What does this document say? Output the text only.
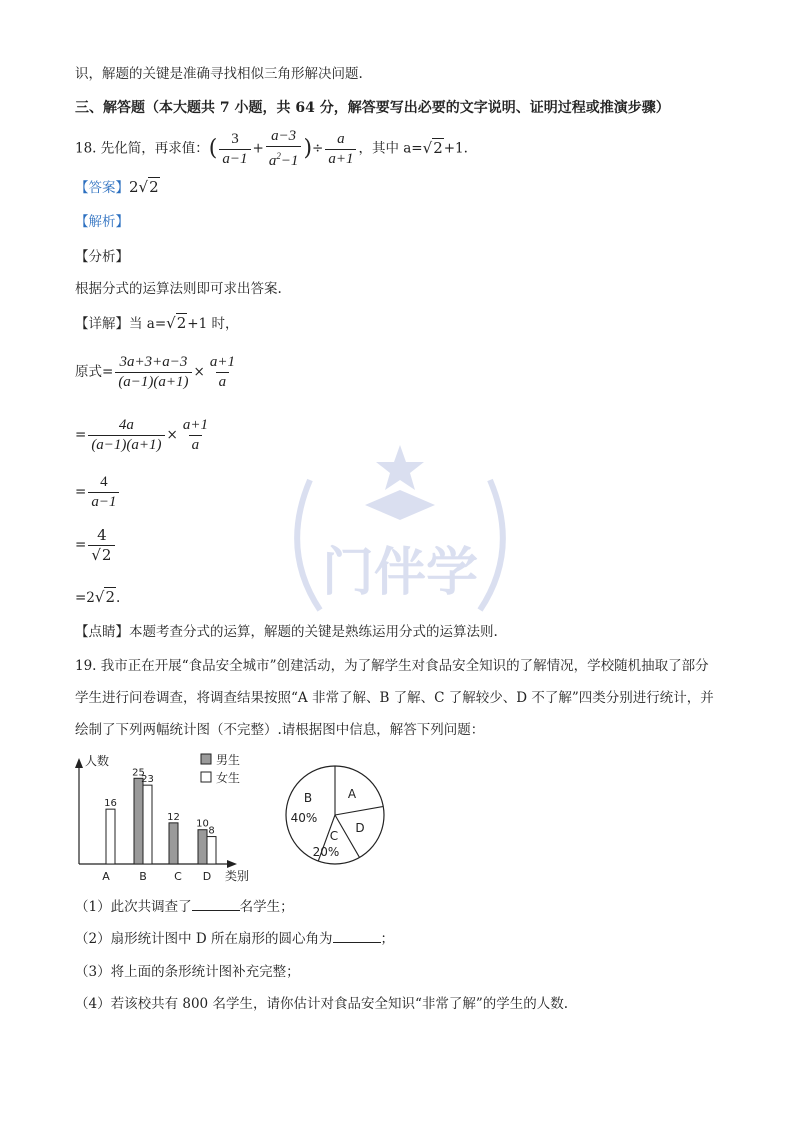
门伴学
识，解题的关键是准确寻找相似三角形解决问题.
三、解答题（本大题共 7 小题，共 64 分，解答要写出必要的文字说明、证明过程或推演步骤）
18. 先化简，再求值：( $\frac{3}{a-1} + \frac{a-3}{a^2-1}$ )÷ $\frac{a}{a+1}$ ，其中 a=√2+1.
【答案】2√2
【解析】
【分析】
根据分式的运算法则即可求出答案.
【详解】当 a=√2+1 时，
原式= $\frac{3a+3+a-3}{(a-1)(a+1)} \times \frac{a+1}{a}$
= $\frac{4a}{(a-1)(a+1)} \times \frac{a+1}{a}$
= $\frac{4}{a-1}$
= $\frac{4}{√2}$
=2√2.
【点睛】本题考查分式的运算，解题的关键是熟练运用分式的运算法则.
19. 我市正在开展“食品安全城市”创建活动，为了解学生对食品安全知识的了解情况，学校随机抽取了部分
学生进行问卷调查，将调查结果按照“A 非常了解、B 了解、C 了解较少、D 不了解”四类分别进行统计，并
绘制了下列两幅统计图（不完整）.请根据图中信息，解答下列问题：
人数
类别
16
A
25
23
B
12
C
10
8
D
男生
女生
A
B
40%
C
20%
D
（1）此次共调查了	名学生；
（2）扇形统计图中 D 所在扇形的圆心角为	；
（3）将上面的条形统计图补充完整；
（4）若该校共有 800 名学生，请你估计对食品安全知识“非常了解”的学生的人数.
